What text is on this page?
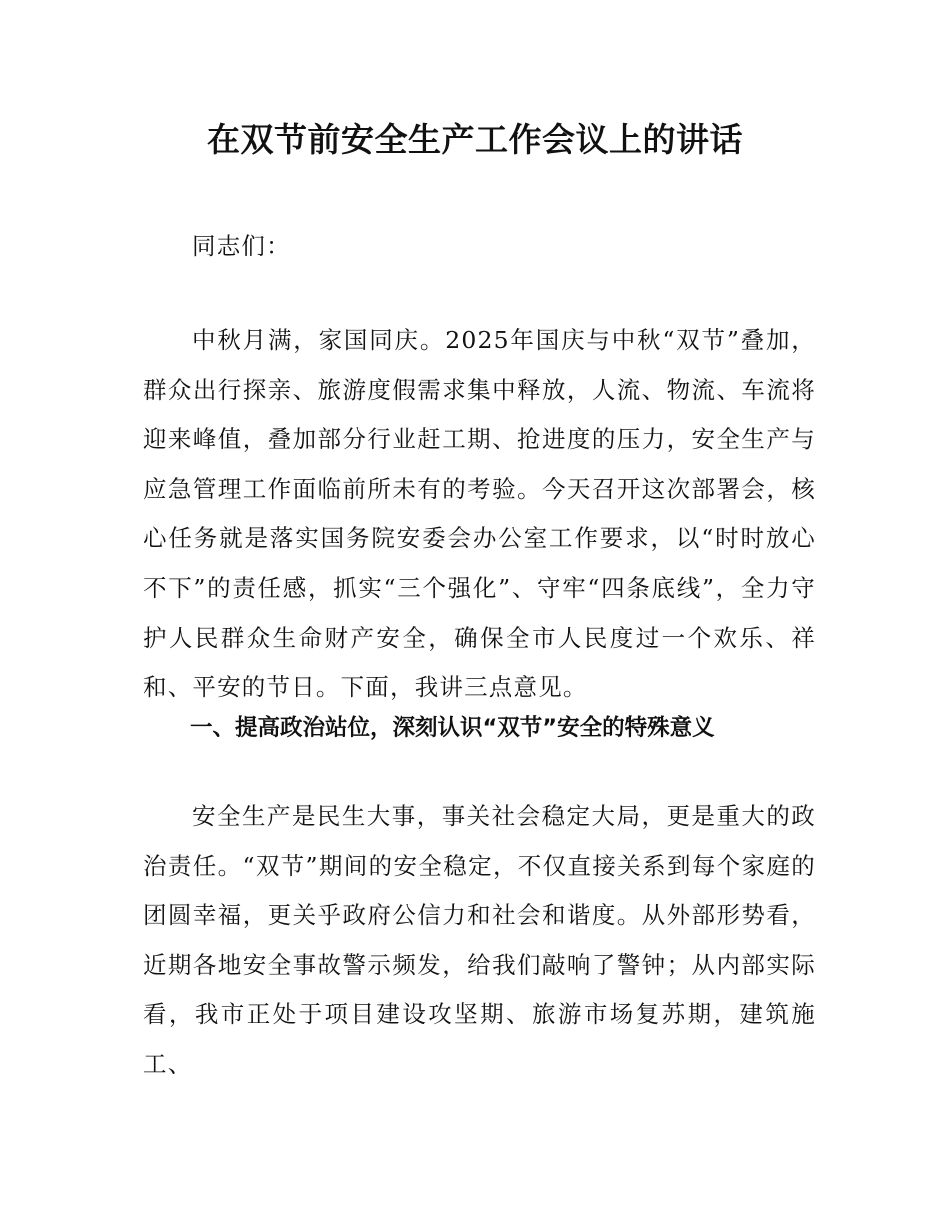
在双节前安全生产工作会议上的讲话

同志们：

中秋月满，家国同庆。2025年国庆与中秋“双节”叠加，群众出行探亲、旅游度假需求集中释放，人流、物流、车流将迎来峰值，叠加部分行业赶工期、抢进度的压力，安全生产与应急管理工作面临前所未有的考验。今天召开这次部署会，核心任务就是落实国务院安委会办公室工作要求，以“时时放心不下”的责任感，抓实“三个强化”、守牢“四条底线”，全力守护人民群众生命财产安全，确保全市人民度过一个欢乐、祥和、平安的节日。下面，我讲三点意见。

一、提高政治站位，深刻认识“双节”安全的特殊意义

安全生产是民生大事，事关社会稳定大局，更是重大的政治责任。“双节”期间的安全稳定，不仅直接关系到每个家庭的团圆幸福，更关乎政府公信力和社会和谐度。从外部形势看，近期各地安全事故警示频发，给我们敲响了警钟；从内部实际看，我市正处于项目建设攻坚期、旅游市场复苏期，建筑施工、
